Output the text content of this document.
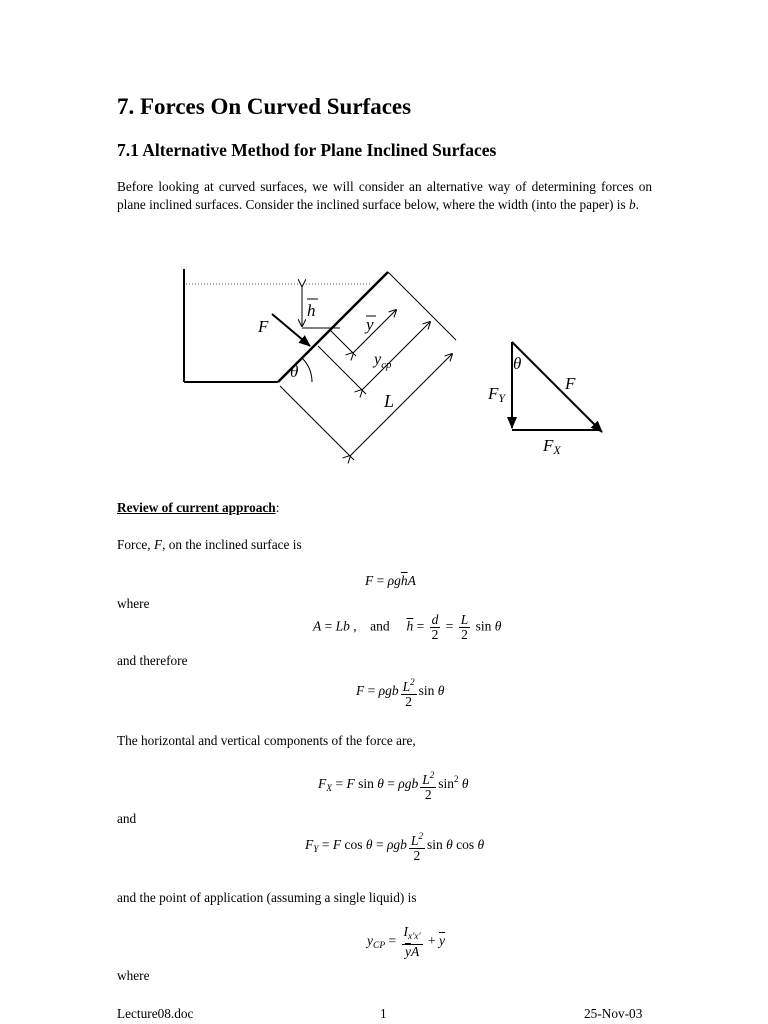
7. Forces On Curved Surfaces
7.1 Alternative Method for Plane Inclined Surfaces
Before looking at curved surfaces, we will consider an alternative way of determining forces on plane inclined surfaces. Consider the inclined surface below, where the width (into the paper) is b.
F
h
y
$y_{cp}$
θ
L
θ
F
FY
FX
Review of current approach:
Force, F, on the inclined surface is
$F = \rho g\overline{h}A$
where
A = Lb ,    and     $\overline{h} = \frac{d}{2} = \frac{L}{2}$ sin θ
and therefore
F = ρgb $\frac{L^2}{2}$ sin θ
The horizontal and vertical components of the force are,
$F_X = F$ sin θ = ρgb $\frac{L^2}{2} \sin^2 \theta$
and
$F_Y = F$ cos θ = ρgb $\frac{L^2}{2}$ sin θ cos θ
and the point of application (assuming a single liquid) is
$y_{CP} = \frac{I_{x'x'}}{\overline{y}A} + \overline{y}$
where
Lecture08.doc	1	25-Nov-03
